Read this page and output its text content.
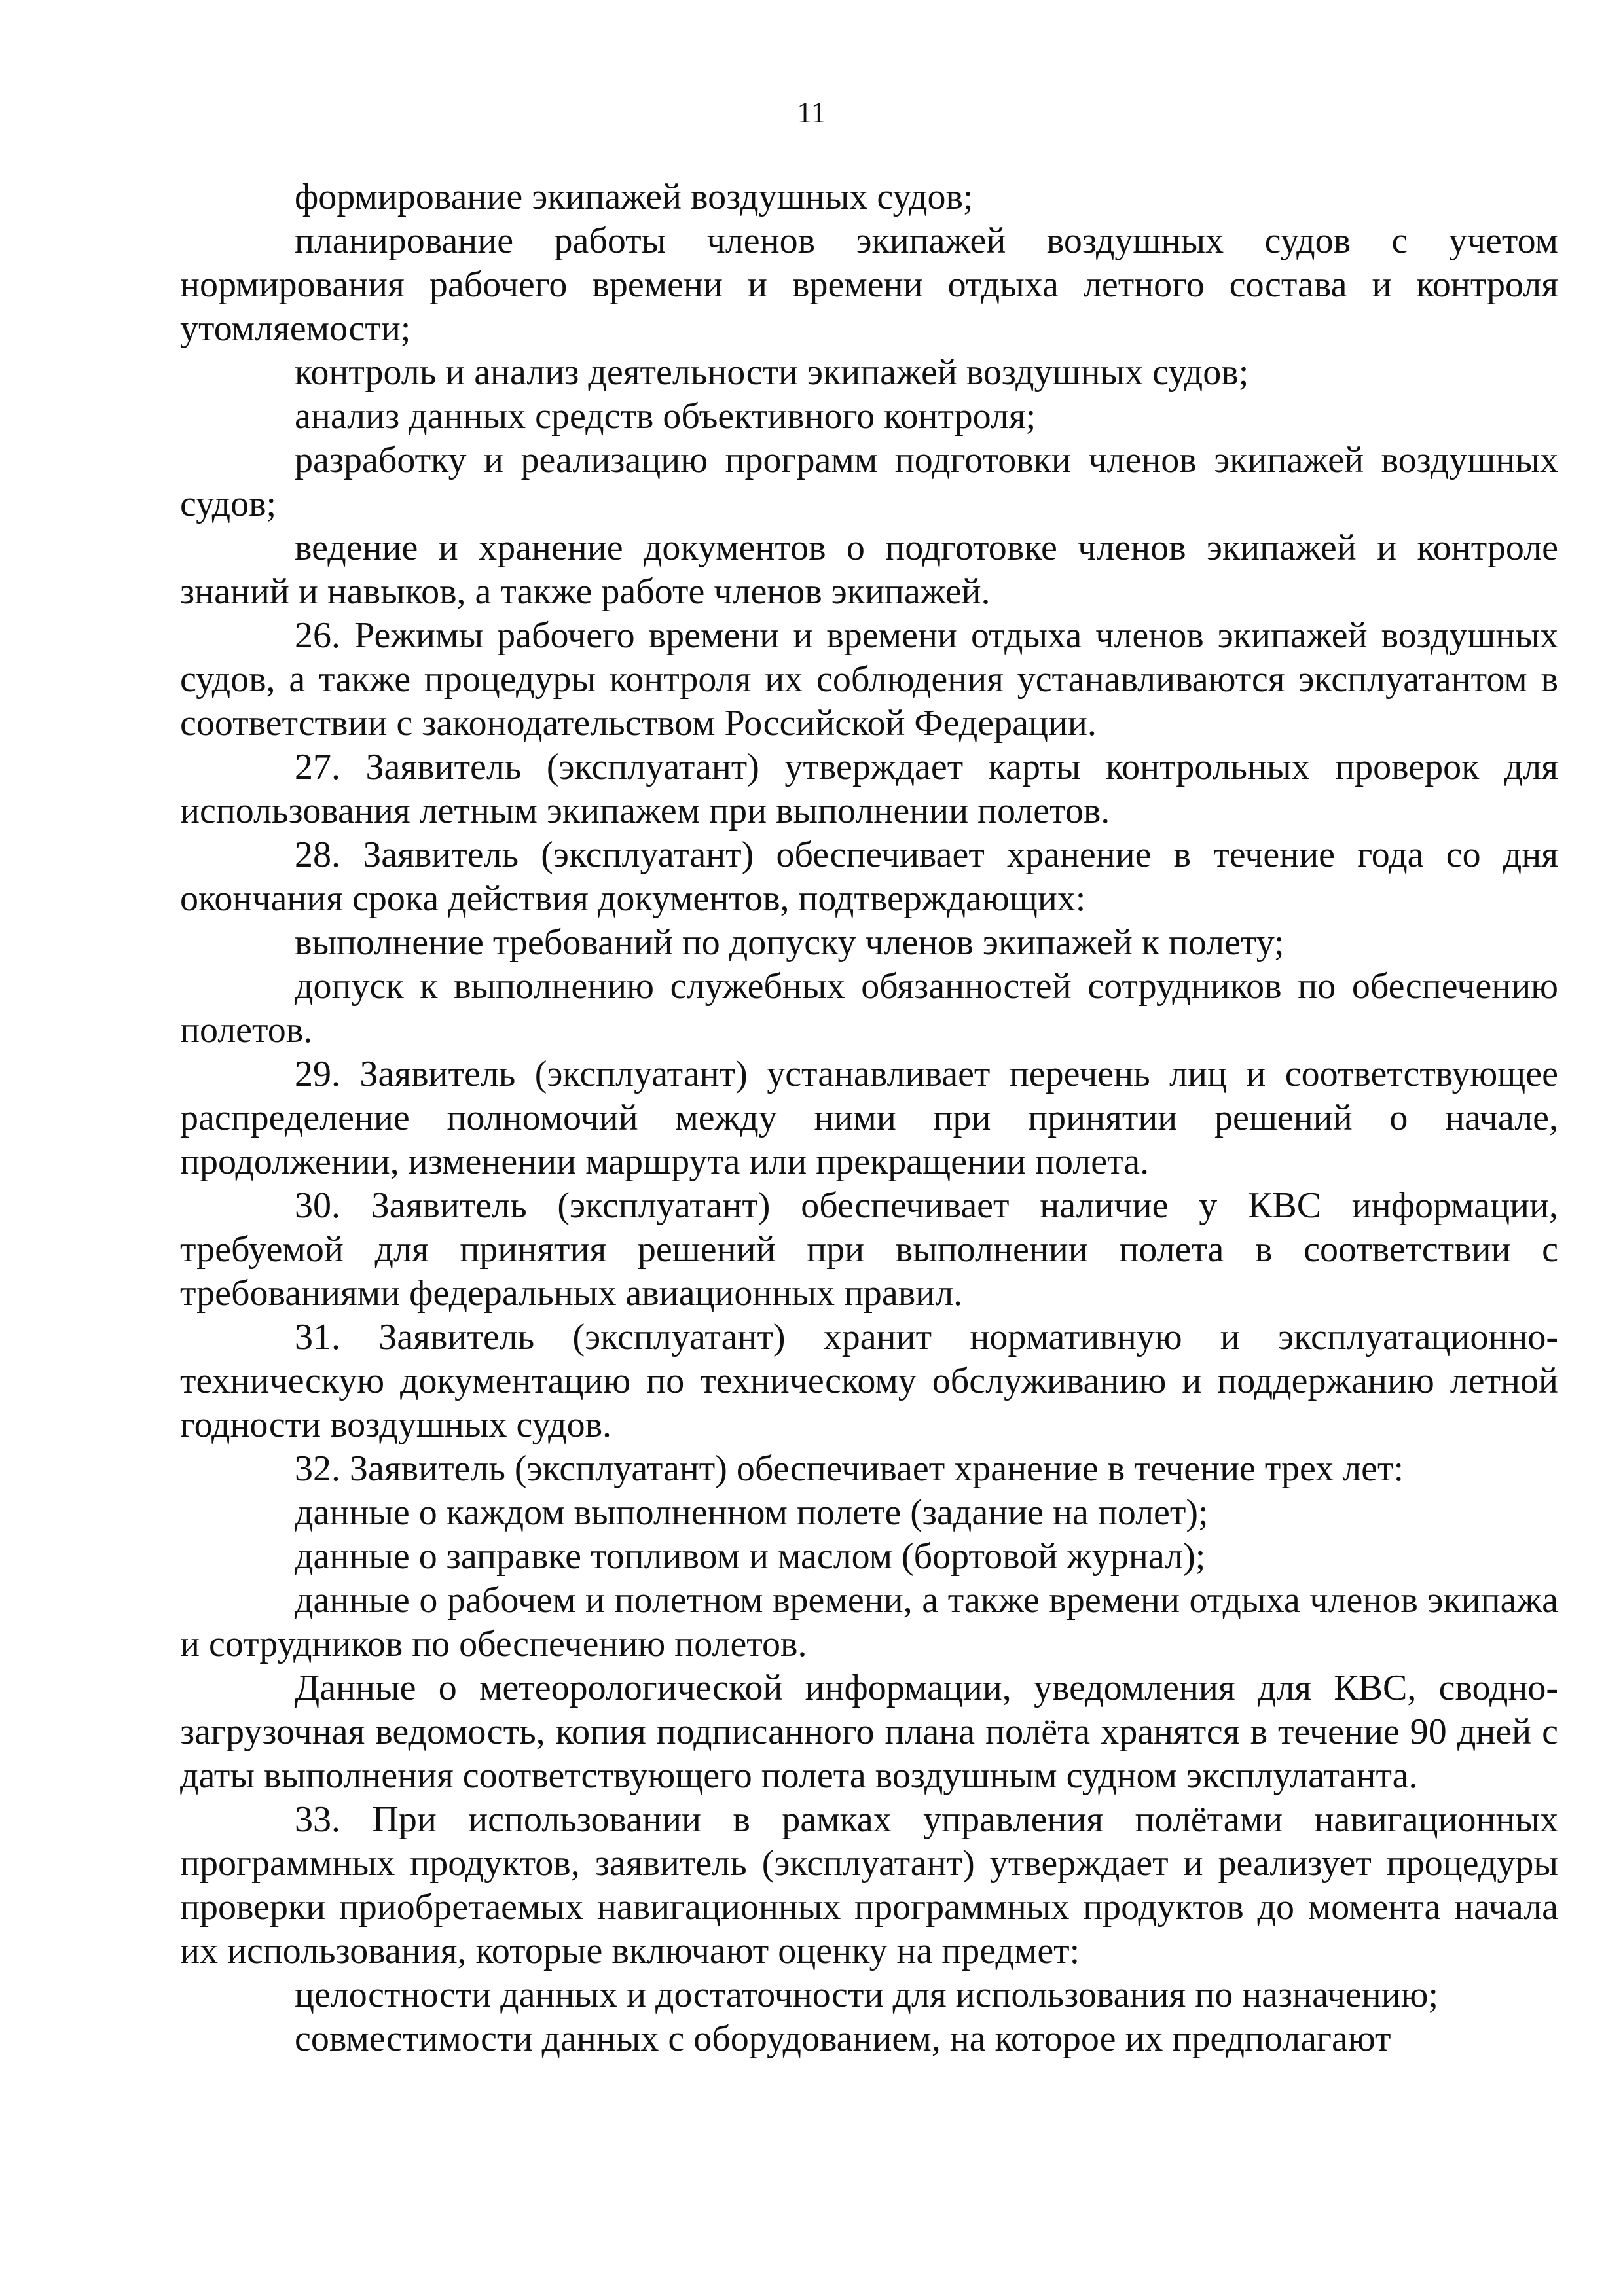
11

формирование экипажей воздушных судов;

планирование работы членов экипажей воздушных судов с учетом нормирования рабочего времени и времени отдыха летного состава и контроля утомляемости;

контроль и анализ деятельности экипажей воздушных судов;

анализ данных средств объективного контроля;

разработку и реализацию программ подготовки членов экипажей воздушных судов;

ведение и хранение документов о подготовке членов экипажей и контроле знаний и навыков, а также работе членов экипажей.

26. Режимы рабочего времени и времени отдыха членов экипажей воздушных судов, а также процедуры контроля их соблюдения устанавливаются эксплуатантом в соответствии с законодательством Российской Федерации.

27. Заявитель (эксплуатант) утверждает карты контрольных проверок для использования летным экипажем при выполнении полетов.

28. Заявитель (эксплуатант) обеспечивает хранение в течение года со дня окончания срока действия документов, подтверждающих:

выполнение требований по допуску членов экипажей к полету;

допуск к выполнению служебных обязанностей сотрудников по обеспечению полетов.

29. Заявитель (эксплуатант) устанавливает перечень лиц и соответствующее распределение полномочий между ними при принятии решений о начале, продолжении, изменении маршрута или прекращении полета.

30. Заявитель (эксплуатант) обеспечивает наличие у КВС информации, требуемой для принятия решений при выполнении полета в соответствии с требованиями федеральных авиационных правил.

31. Заявитель (эксплуатант) хранит нормативную и эксплуатационно-техническую документацию по техническому обслуживанию и поддержанию летной годности воздушных судов.

32. Заявитель (эксплуатант) обеспечивает хранение в течение трех лет:

данные о каждом выполненном полете (задание на полет);

данные о заправке топливом и маслом (бортовой журнал);

данные о рабочем и полетном времени, а также времени отдыха членов экипажа и сотрудников по обеспечению полетов.

Данные о метеорологической информации, уведомления для КВС, сводно-загрузочная ведомость, копия подписанного плана полёта хранятся в течение 90 дней с даты выполнения соответствующего полета воздушным судном эксплулатанта.

33. При использовании в рамках управления полётами навигационных программных продуктов, заявитель (эксплуатант) утверждает и реализует процедуры проверки приобретаемых навигационных программных продуктов до момента начала их использования, которые включают оценку на предмет:

целостности данных и достаточности для использования по назначению;

совместимости данных с оборудованием, на которое их предполагают
